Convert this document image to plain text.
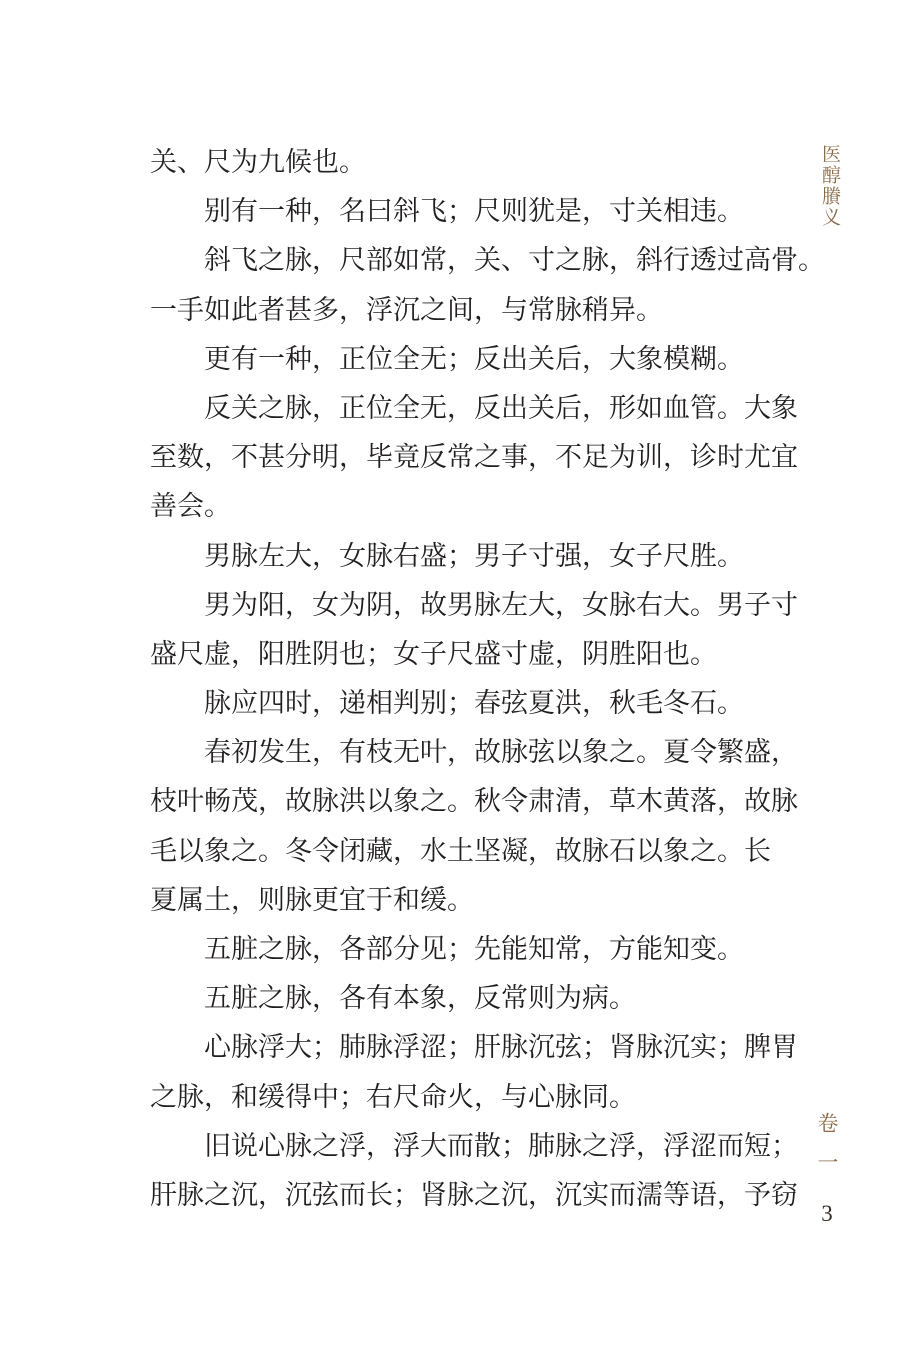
关、尺为九候也。
别有一种，名曰斜飞；尺则犹是，寸关相违。
斜飞之脉，尺部如常，关、寸之脉，斜行透过高骨。
一手如此者甚多，浮沉之间，与常脉稍异。
更有一种，正位全无；反出关后，大象模糊。
反关之脉，正位全无，反出关后，形如血管。大象
至数，不甚分明，毕竟反常之事，不足为训，诊时尤宜
善会。
男脉左大，女脉右盛；男子寸强，女子尺胜。
男为阳，女为阴，故男脉左大，女脉右大。男子寸
盛尺虚，阳胜阴也；女子尺盛寸虚，阴胜阳也。
脉应四时，递相判别；春弦夏洪，秋毛冬石。
春初发生，有枝无叶，故脉弦以象之。夏令繁盛，
枝叶畅茂，故脉洪以象之。秋令肃清，草木黄落，故脉
毛以象之。冬令闭藏，水土坚凝，故脉石以象之。长
夏属土，则脉更宜于和缓。
五脏之脉，各部分见；先能知常，方能知变。
五脏之脉，各有本象，反常则为病。
心脉浮大；肺脉浮涩；肝脉沉弦；肾脉沉实；脾胃
之脉，和缓得中；右尺命火，与心脉同。
旧说心脉之浮，浮大而散；肺脉之浮，浮涩而短；
肝脉之沉，沉弦而长；肾脉之沉，沉实而濡等语，予窃
医醇賸义
卷一
3
